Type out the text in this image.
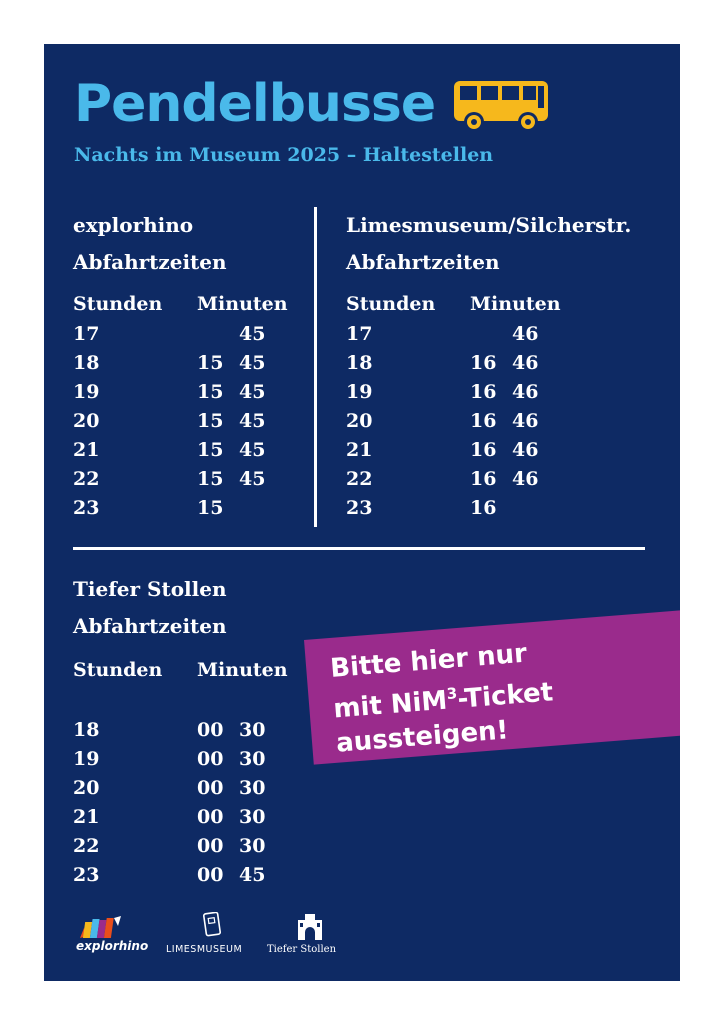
Pendelbusse
Nachts im Museum 2025 – Haltestellen
explorhino
Abfahrtzeiten
Stunden Minuten
17	45
18	15 45
19	15 45
20	15 45
21	15 45
22	15 45
23	15
Limesmuseum/Silcherstr.
Abfahrtzeiten
Stunden Minuten
17	46
18	16 46
19	16 46
20	16 46
21	16 46
22	16 46
23	16
Tiefer Stollen
Abfahrtzeiten
Stunden Minuten
18	00 30
19	00 30
20	00 30
21	00 30
22	00 30
23	00 45
Bitte hier nur
mit NiM$^3$-Ticket
aussteigen!
explorhino LIMESMUSEUM Tiefer Stollen
